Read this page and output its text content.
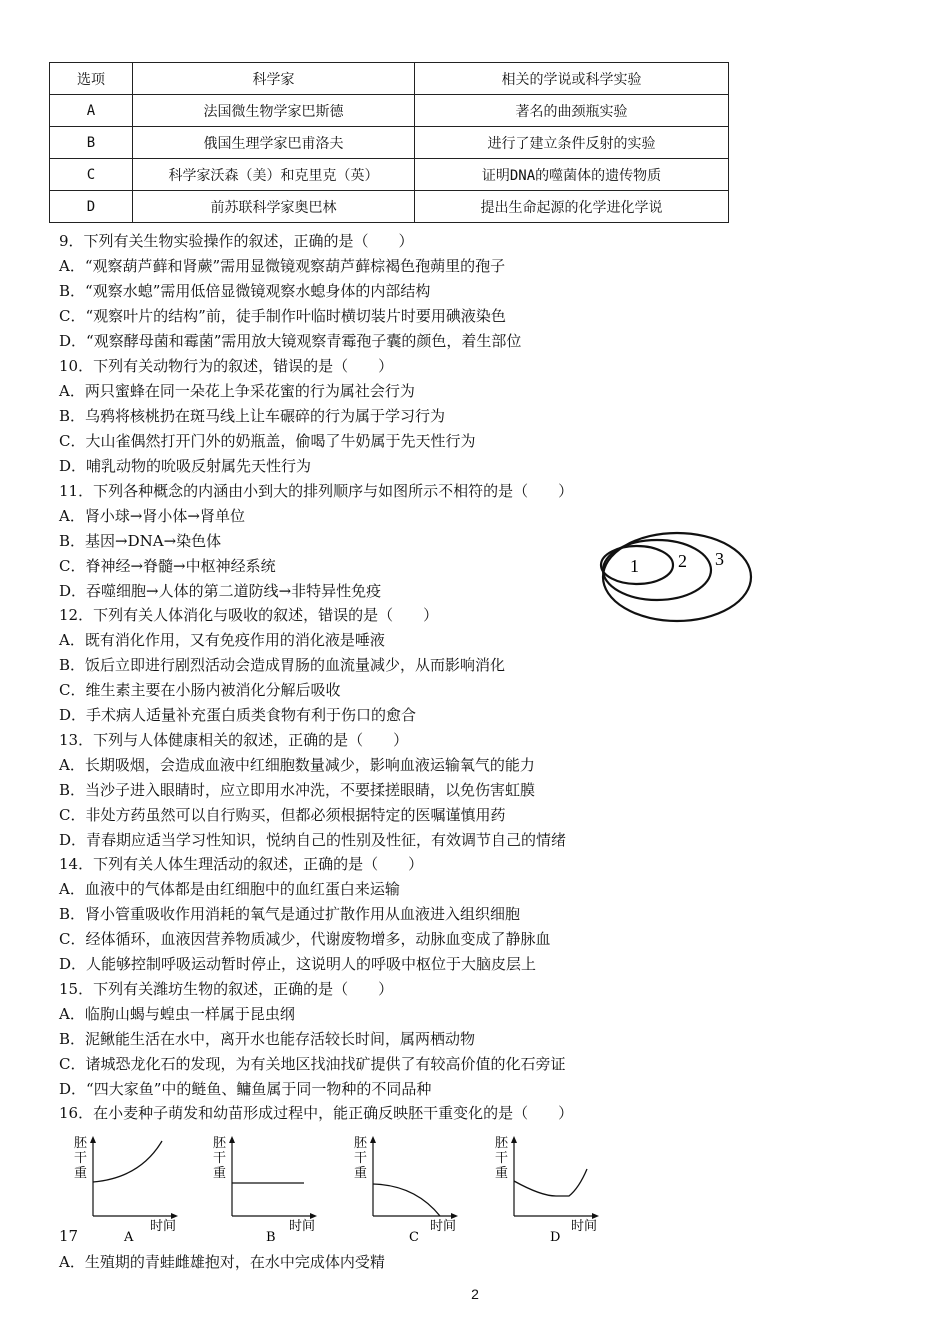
选项	科学家	相关的学说或科学实验
A	法国微生物学家巴斯德	著名的曲颈瓶实验
B	俄国生理学家巴甫洛夫	进行了建立条件反射的实验
C	科学家沃森（美）和克里克（英）	证明DNA的噬菌体的遗传物质
D	前苏联科学家奥巴林	提出生命起源的化学进化学说
9．下列有关生物实验操作的叙述，正确的是（　　）
A．“观察葫芦藓和肾蕨”需用显微镜观察葫芦藓棕褐色孢蒴里的孢子
B．“观察水螅”需用低倍显微镜观察水螅身体的内部结构
C．“观察叶片的结构”前，徒手制作叶临时横切装片时要用碘液染色
D．“观察酵母菌和霉菌”需用放大镜观察青霉孢子囊的颜色，着生部位
10．下列有关动物行为的叙述，错误的是（　　）
A．两只蜜蜂在同一朵花上争采花蜜的行为属社会行为
B．乌鸦将核桃扔在斑马线上让车碾碎的行为属于学习行为
C．大山雀偶然打开门外的奶瓶盖，偷喝了牛奶属于先天性行为
D．哺乳动物的吮吸反射属先天性行为
11．下列各种概念的内涵由小到大的排列顺序与如图所示不相符的是（　　）
A．肾小球→肾小体→肾单位
B．基因→DNA→染色体
C．脊神经→脊髓→中枢神经系统
D．吞噬细胞→人体的第二道防线→非特异性免疫
12．下列有关人体消化与吸收的叙述，错误的是（　　）
A．既有消化作用，又有免疫作用的消化液是唾液
B．饭后立即进行剧烈活动会造成胃肠的血流量减少，从而影响消化
C．维生素主要在小肠内被消化分解后吸收
D．手术病人适量补充蛋白质类食物有利于伤口的愈合
13．下列与人体健康相关的叙述，正确的是（　　）
A．长期吸烟，会造成血液中红细胞数量减少，影响血液运输氧气的能力
B．当沙子进入眼睛时，应立即用水冲洗，不要揉搓眼睛，以免伤害虹膜
C．非处方药虽然可以自行购买，但都必须根据特定的医嘱谨慎用药
D．青春期应适当学习性知识，悦纳自己的性别及性征，有效调节自己的情绪
14．下列有关人体生理活动的叙述，正确的是（　　）
A．血液中的气体都是由红细胞中的血红蛋白来运输
B．肾小管重吸收作用消耗的氧气是通过扩散作用从血液进入组织细胞
C．经体循环，血液因营养物质减少，代谢废物增多，动脉血变成了静脉血
D．人能够控制呼吸运动暂时停止，这说明人的呼吸中枢位于大脑皮层上
15．下列有关潍坊生物的叙述，正确的是（　　）
A．临朐山蝎与蝗虫一样属于昆虫纲
B．泥鳅能生活在水中，离开水也能存活较长时间，属两栖动物
C．诸城恐龙化石的发现，为有关地区找油找矿提供了有较高价值的化石旁证
D．“四大家鱼”中的鲢鱼、鳙鱼属于同一物种的不同品种
16．在小麦种子萌发和幼苗形成过程中，能正确反映胚干重变化的是（　　）
1 2 3
胚
干
重
时间
A
胚
干
重
时间
B
胚
干
重
时间
C
胚
干
重
时间
D
17
A．生殖期的青蛙雌雄抱对，在水中完成体内受精
2
